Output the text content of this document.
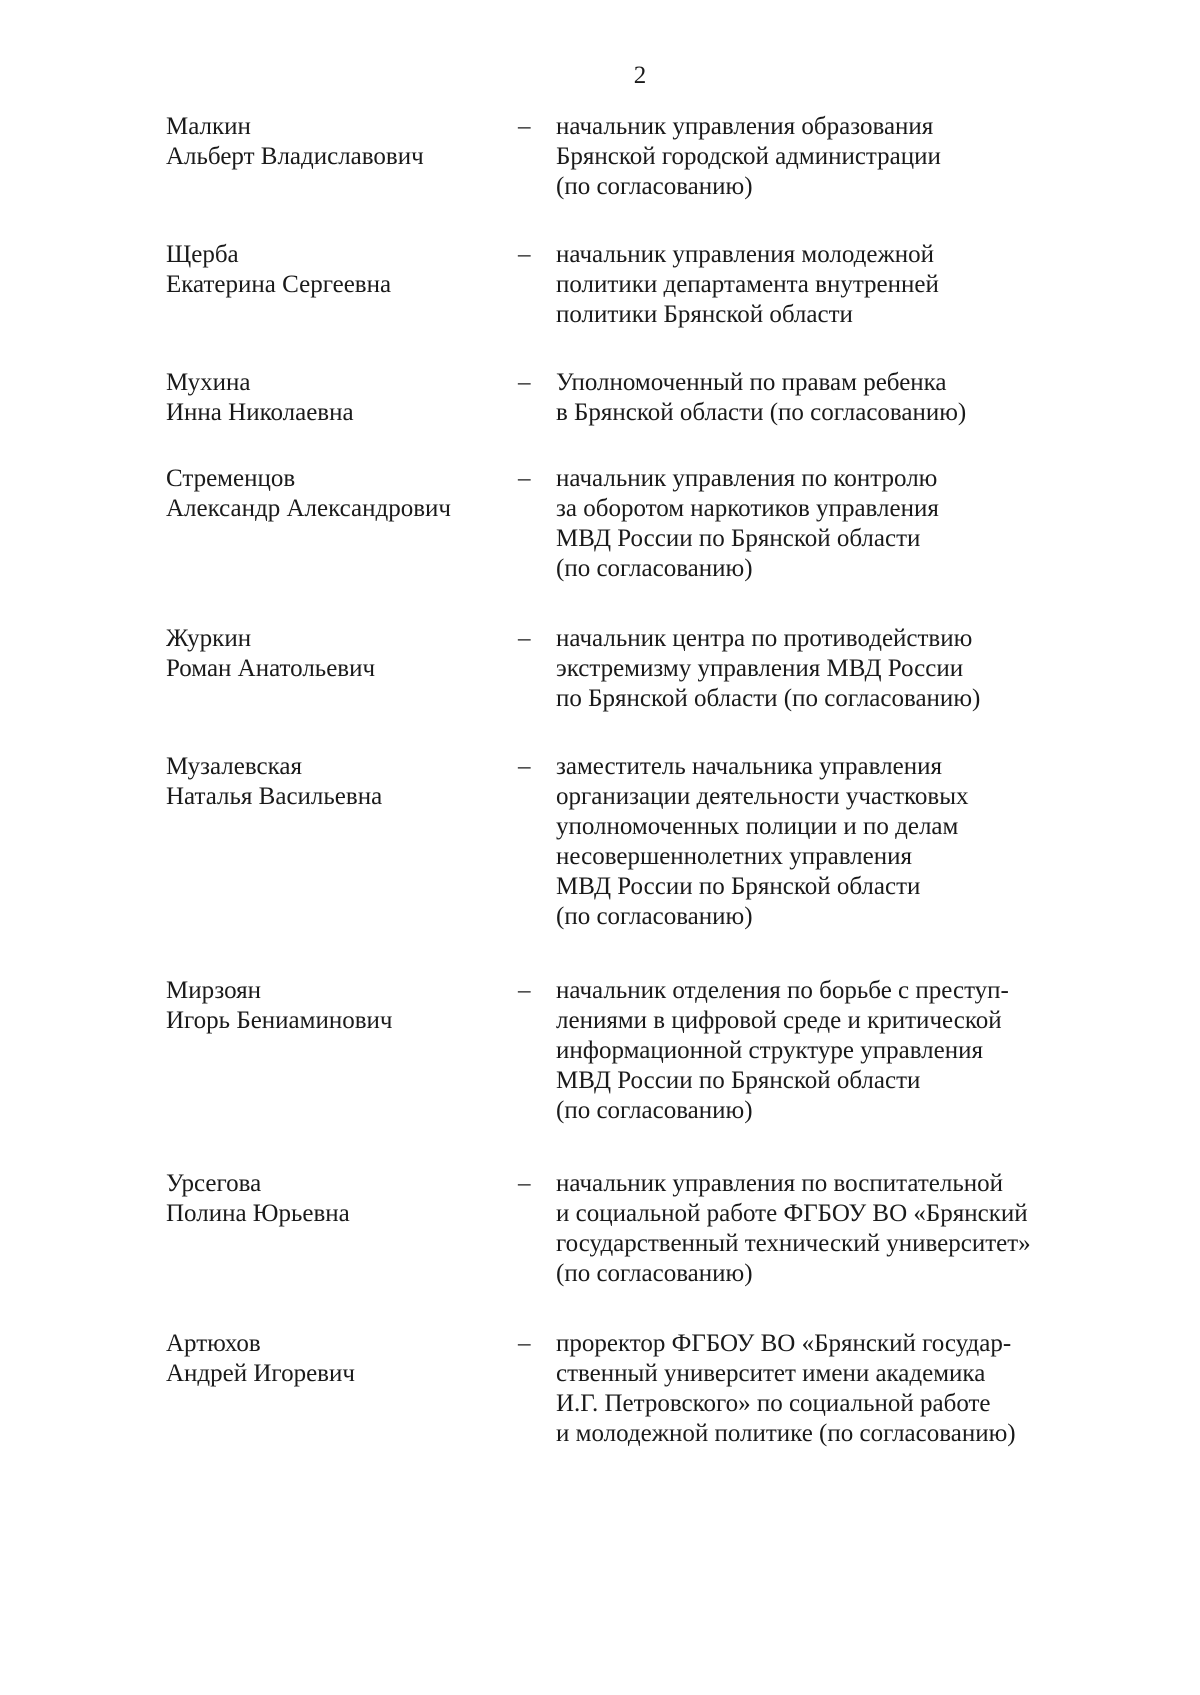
2
Малкин
Альберт Владиславович
–	начальник управления образования
Брянской городской администрации
(по согласованию)
Щерба
Екатерина Сергеевна
–	начальник управления молодежной
политики департамента внутренней
политики Брянской области
Мухина
Инна Николаевна
–	Уполномоченный по правам ребенка
в Брянской области (по согласованию)
Стременцов
Александр Александрович
–	начальник управления по контролю
за оборотом наркотиков управления
МВД России по Брянской области
(по согласованию)
Журкин
Роман Анатольевич
–	начальник центра по противодействию
экстремизму управления МВД России
по Брянской области (по согласованию)
Музалевская
Наталья Васильевна
–	заместитель начальника управления
организации деятельности участковых
уполномоченных полиции и по делам
несовершеннолетних управления
МВД России по Брянской области
(по согласованию)
Мирзоян
Игорь Бениаминович
–	начальник отделения по борьбе с преступ-
лениями в цифровой среде и критической
информационной структуре управления
МВД России по Брянской области
(по согласованию)
Урсегова
Полина Юрьевна
–	начальник управления по воспитательной
и социальной работе ФГБОУ ВО «Брянский
государственный технический университет»
(по согласованию)
Артюхов
Андрей Игоревич
–	проректор ФГБОУ ВО «Брянский государ-
ственный университет имени академика
И.Г. Петровского» по социальной работе
и молодежной политике (по согласованию)
